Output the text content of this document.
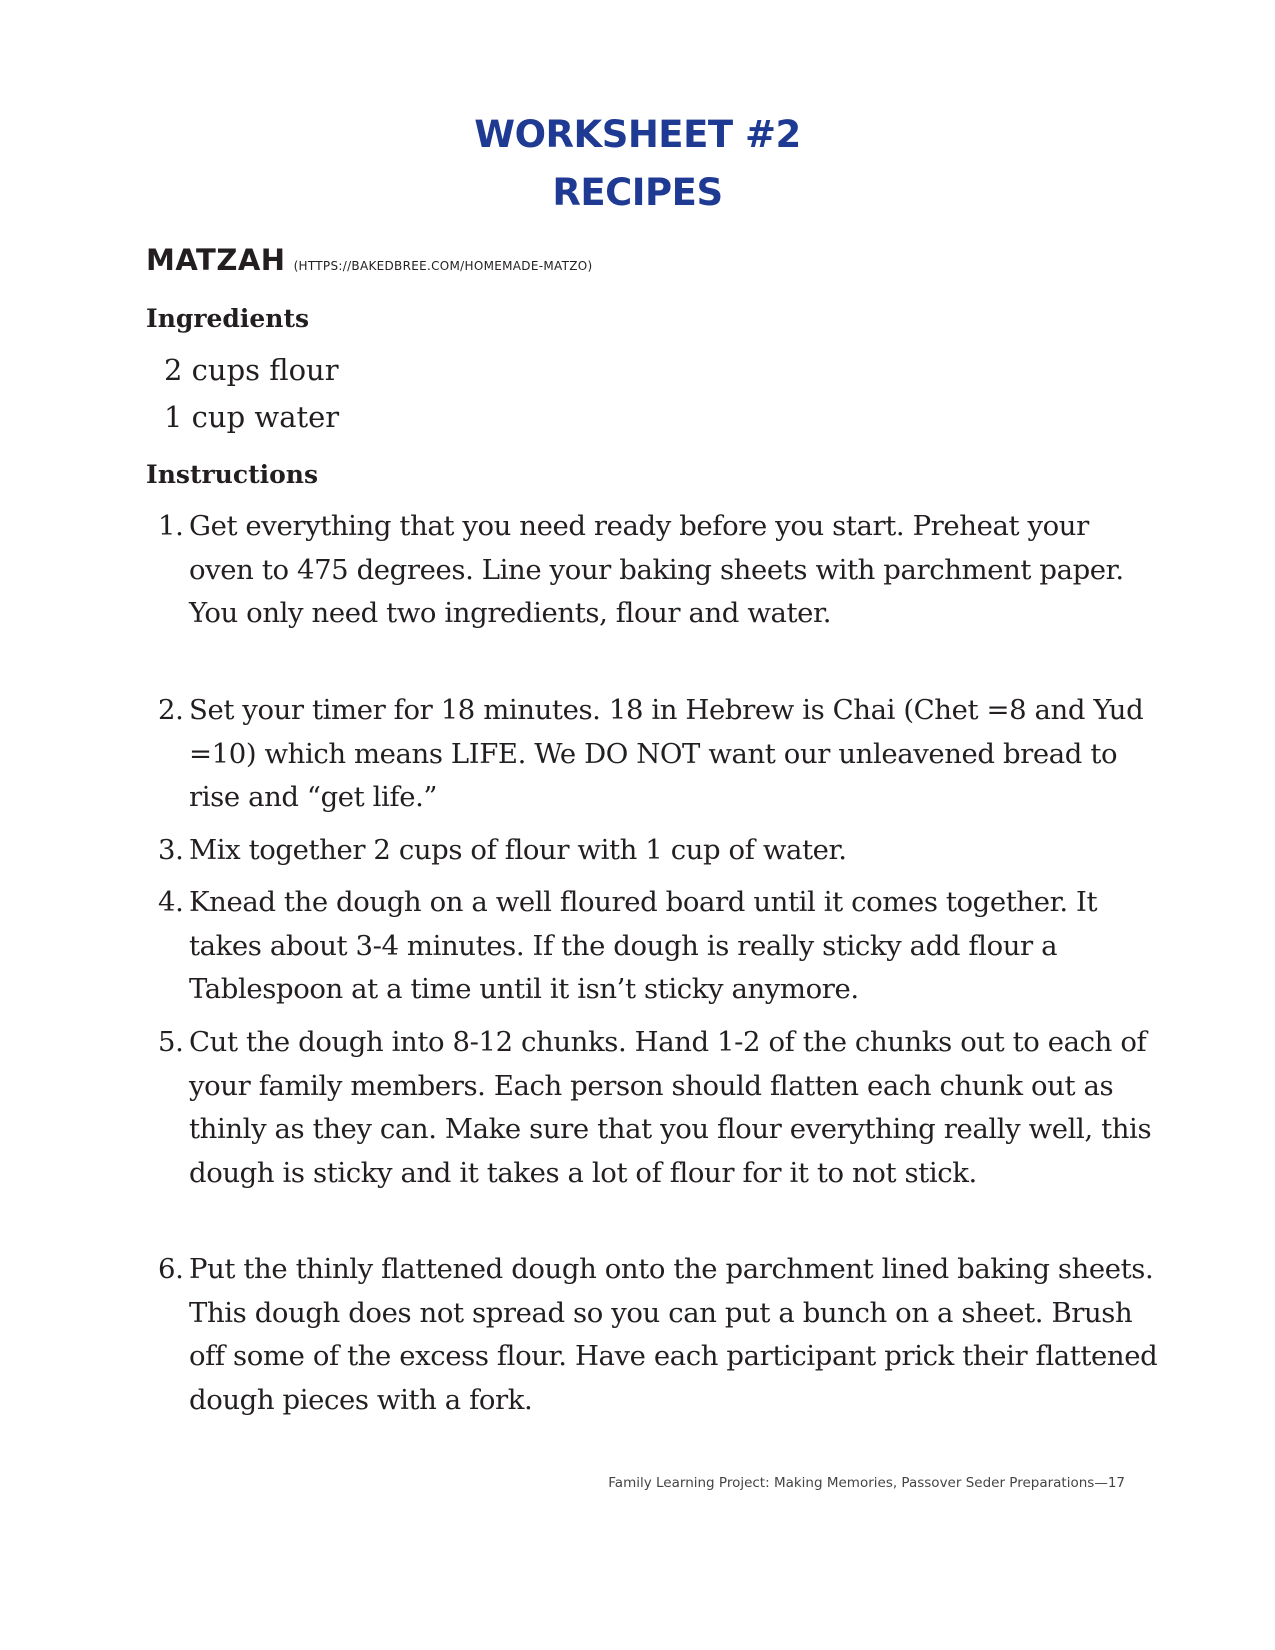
WORKSHEET #2
RECIPES
MATZAH (HTTPS://BAKEDBREE.COM/HOMEMADE-MATZO)
Ingredients
2 cups flour
1 cup water
Instructions
1. Get everything that you need ready before you start. Preheat your oven to 475 degrees. Line your baking sheets with parchment paper. You only need two ingredients, flour and water.
2. Set your timer for 18 minutes. 18 in Hebrew is Chai (Chet =8 and Yud =10) which means LIFE. We DO NOT want our unleavened bread to rise and “get life.”
3. Mix together 2 cups of flour with 1 cup of water.
4. Knead the dough on a well floured board until it comes together. It takes about 3-4 minutes. If the dough is really sticky add flour a Tablespoon at a time until it isn’t sticky anymore.
5. Cut the dough into 8-12 chunks. Hand 1-2 of the chunks out to each of your family members. Each person should flatten each chunk out as thinly as they can. Make sure that you flour everything really well, this dough is sticky and it takes a lot of flour for it to not stick.
6. Put the thinly flattened dough onto the parchment lined baking sheets. This dough does not spread so you can put a bunch on a sheet. Brush off some of the excess flour. Have each participant prick their flattened dough pieces with a fork.
Family Learning Project: Making Memories, Passover Seder Preparations—17
